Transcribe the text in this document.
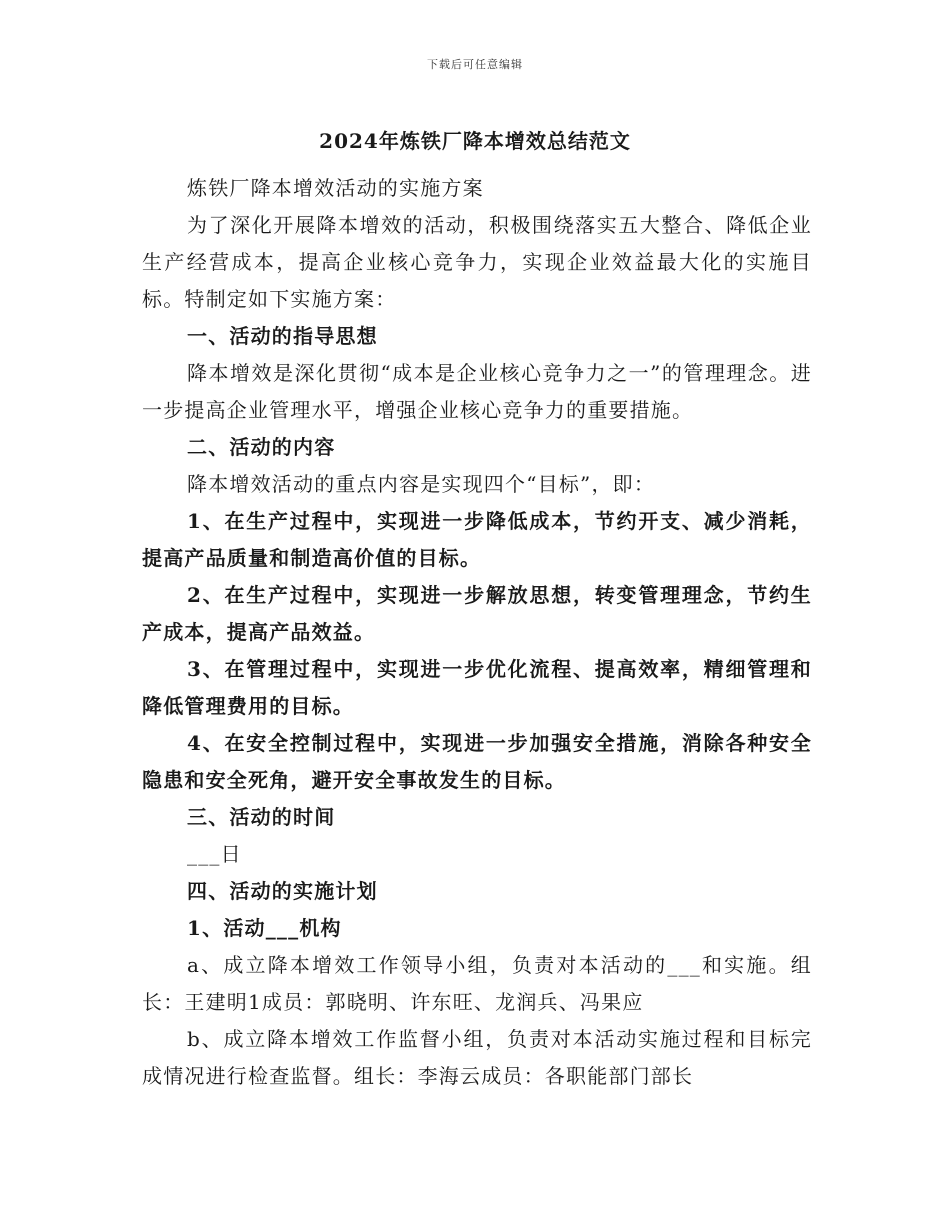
下载后可任意编辑
2024年炼铁厂降本增效总结范文

炼铁厂降本增效活动的实施方案

为了深化开展降本增效的活动，积极围绕落实五大整合、降低企业生产经营成本，提高企业核心竞争力，实现企业效益最大化的实施目标。特制定如下实施方案：

一、活动的指导思想

降本增效是深化贯彻“成本是企业核心竞争力之一”的管理理念。进一步提高企业管理水平，增强企业核心竞争力的重要措施。

二、活动的内容

降本增效活动的重点内容是实现四个“目标”，即：

1、在生产过程中，实现进一步降低成本，节约开支、减少消耗，提高产品质量和制造高价值的目标。

2、在生产过程中，实现进一步解放思想，转变管理理念，节约生产成本，提高产品效益。

3、在管理过程中，实现进一步优化流程、提高效率，精细管理和降低管理费用的目标。

4、在安全控制过程中，实现进一步加强安全措施，消除各种安全隐患和安全死角，避开安全事故发生的目标。

三、活动的时间

___日

四、活动的实施计划

1、活动___机构

a、成立降本增效工作领导小组，负责对本活动的___和实施。组长：王建明1成员：郭晓明、许东旺、龙润兵、冯果应

b、成立降本增效工作监督小组，负责对本活动实施过程和目标完成情况进行检查监督。组长：李海云成员：各职能部门部长
